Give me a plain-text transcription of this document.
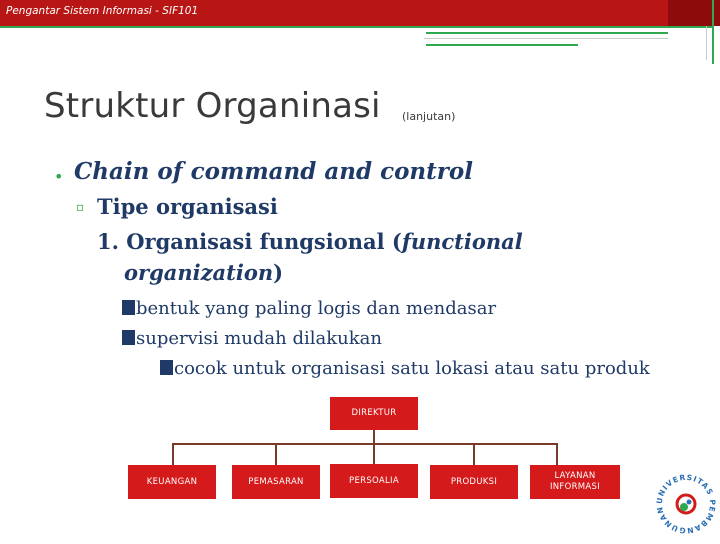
Pengantar Sistem Informasi - SIF101
Struktur Organinasi (lanjutan)
• Chain of command and control
▫ Tipe organisasi
1. Organisasi fungsional (functional
organization)
bentuk yang paling logis dan mendasar
supervisi mudah dilakukan
cocok untuk organisasi satu lokasi atau satu produk
DIREKTUR
KEUANGAN	PEMASARAN	PERSOALIA	PRODUKSI
LAYANAN INFORMASI
UNIVERSITAS PEMBANGUNAN
